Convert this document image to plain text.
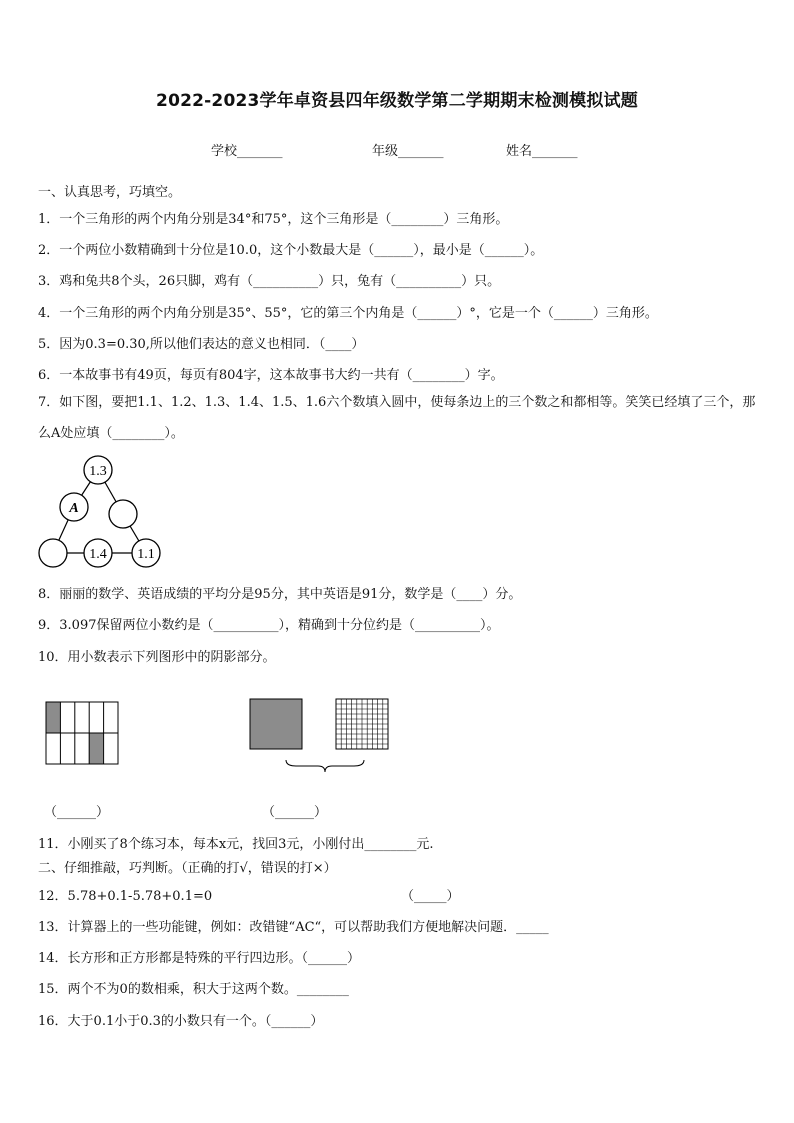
2022-2023学年卓资县四年级数学第二学期期末检测模拟试题
学校_______	年级_______	姓名_______
一、认真思考，巧填空。
1．一个三角形的两个内角分别是34°和75°，这个三角形是（________）三角形。
2．一个两位小数精确到十分位是10.0，这个小数最大是（______），最小是（______）。
3．鸡和兔共8个头，26只脚，鸡有（__________）只，兔有（__________）只。
4．一个三角形的两个内角分别是35°、55°，它的第三个内角是（______）°，它是一个（______）三角形。
5．因为0.3=0.30,所以他们表达的意义也相同．（____）
6．一本故事书有49页，每页有804字，这本故事书大约一共有（________）字。
7．如下图，要把1.1、1.2、1.3、1.4、1.5、1.6六个数填入圆中，使每条边上的三个数之和都相等。笑笑已经填了三个，那么A处应填（________）。
1.3
A
1.4 1.1
8．丽丽的数学、英语成绩的平均分是95分，其中英语是91分，数学是（____）分。
9．3.097保留两位小数约是（__________），精确到十分位约是（__________）。
10．用小数表示下列图形中的阴影部分。
（______）	（______）
11．小刚买了8个练习本，每本x元，找回3元，小刚付出________元.
二、仔细推敲，巧判断。（正确的打√，错误的打×）
12．5.78+0.1-5.78+0.1=0	（_____）
13．计算器上的一些功能键，例如：改错键“AC“，可以帮助我们方便地解决问题．_____
14．长方形和正方形都是特殊的平行四边形。（______）
15．两个不为0的数相乘，积大于这两个数。________
16．大于0.1小于0.3的小数只有一个。（______）
